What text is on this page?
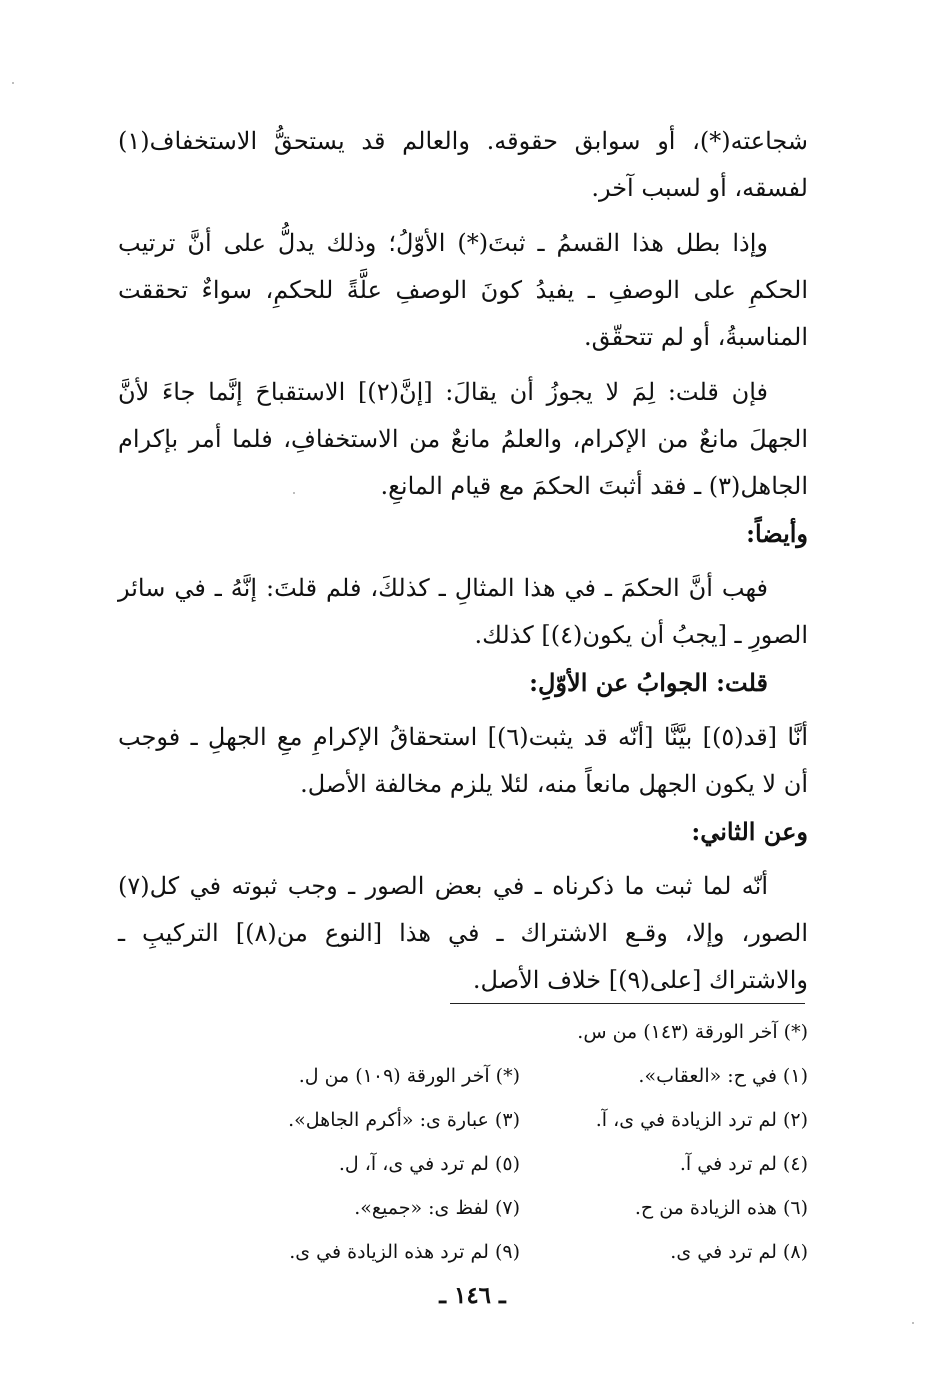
شجاعته(*)، أو سوابق حقوقه. والعالم قد يستحقُّ الاستخفاف(١) لفسقه، أو لسبب آخر.

وإذا بطل هذا القسمُ ـ ثبتَ(*) الأوّلُ؛ وذلك يدلُّ على أنَّ ترتيب الحكمِ على الوصفِ ـ يفيدُ كونَ الوصفِ علَّةً للحكمِ، سواءٌ تحققت المناسبةُ، أو لم تتحقّق.

فإن قلت: لِمَ لا يجوزُ أن يقالَ: [إنَّ(٢)] الاستقباحَ إنَّما جاءَ لأنَّ الجهلَ مانعٌ من الإكرام، والعلمُ مانعٌ من الاستخفافِ، فلما أمر بإكرام الجاهل(٣) ـ فقد أثبتَ الحكمَ مع قيام المانعِ.

وأيضاً:

فهب أنَّ الحكمَ ـ في هذا المثالِ ـ كذلكَ، فلم قلتَ: إنَّهُ ـ في سائر الصورِ ـ [يجبُ أن يكون(٤)] كذلك.

قلت: الجوابُ عن الأوّلِ:

أنَّا [قد(٥)] بيَّنَّا [أنّه قد يثبت(٦)] استحقاقُ الإكرامِ معِ الجهلِ ـ فوجب أن لا يكون الجهل مانعاً منه، لئلا يلزم مخالفة الأصل.

وعن الثاني:

أنّه لما ثبت ما ذكرناه ـ في بعض الصور ـ وجب ثبوته في كل(٧) الصور، وإلا، وقـع الاشتراك ـ في هذا [النوع من(٨)] التركيبِ ـ والاشتراك [على(٩)] خلاف الأصل.

(*) آخر الورقة (١٤٣) من س.

(١) في ح: «العقاب».
(*) آخر الورقة (١٠٩) من ل.
(٢) لم ترد الزيادة في ى، آ.
(٣) عبارة ى: «أكرم الجاهل».
(٤) لم ترد في آ.
(٥) لم ترد في ى، آ، ل.
(٦) هذه الزيادة من ح.
(٧) لفظ ى: «جميع».
(٨) لم ترد في ى.
(٩) لم ترد هذه الزيادة في ى.
ـ ١٤٦ ـ
